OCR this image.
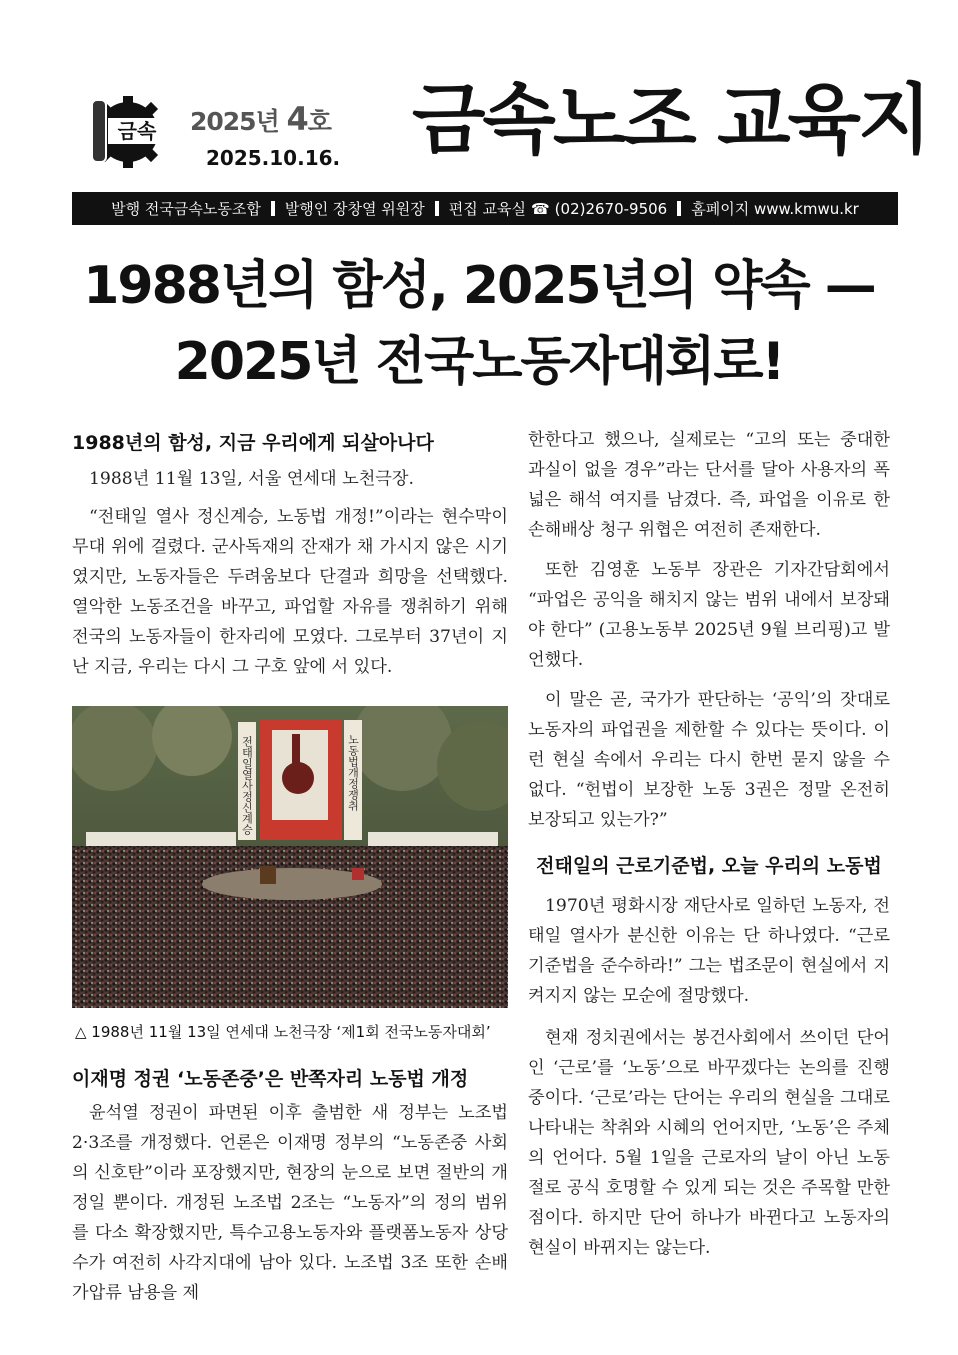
금속 2025년 4호
2025.10.16. 금속노조 교육지
발행 전국금속노동조합 발행인 장창열 위원장 편집 교육실 ☎ (02)2670-9506 홈페이지 www.kmwu.kr
1988년의 함성, 2025년의 약속 —
2025년 전국노동자대회로!
1988년의 함성, 지금 우리에게 되살아나다

1988년 11월 13일, 서울 연세대 노천극장.

“전태일 열사 정신계승, 노동법 개정!”이라는 현수막이 무대 위에 걸렸다. 군사독재의 잔재가 채 가시지 않은 시기였지만, 노동자들은 두려움보다 단결과 희망을 선택했다. 열악한 노동조건을 바꾸고, 파업할 자유를 쟁취하기 위해 전국의 노동자들이 한자리에 모였다. 그로부터 37년이 지난 지금, 우리는 다시 그 구호 앞에 서 있다.

전태일열사정신계승	노동법개정쟁취
△ 1988년 11월 13일 연세대 노천극장 ‘제1회 전국노동자대회’
이재명 정권 ‘노동존중’은 반쪽자리 노동법 개정

윤석열 정권이 파면된 이후 출범한 새 정부는 노조법 2·3조를 개정했다. 언론은 이재명 정부의 “노동존중 사회의 신호탄”이라 포장했지만, 현장의 눈으로 보면 절반의 개정일 뿐이다. 개정된 노조법 2조는 “노동자”의 정의 범위를 다소 확장했지만, 특수고용노동자와 플랫폼노동자 상당수가 여전히 사각지대에 남아 있다. 노조법 3조 또한 손배가압류 남용을 제

한한다고 했으나, 실제로는 “고의 또는 중대한 과실이 없을 경우”라는 단서를 달아 사용자의 폭넓은 해석 여지를 남겼다. 즉, 파업을 이유로 한 손해배상 청구 위협은 여전히 존재한다.

또한 김영훈 노동부 장관은 기자간담회에서 “파업은 공익을 해치지 않는 범위 내에서 보장돼야 한다” (고용노동부 2025년 9월 브리핑)고 발언했다.

이 말은 곧, 국가가 판단하는 ‘공익’의 잣대로 노동자의 파업권을 제한할 수 있다는 뜻이다. 이런 현실 속에서 우리는 다시 한번 묻지 않을 수 없다. “헌법이 보장한 노동 3권은 정말 온전히 보장되고 있는가?”

전태일의 근로기준법, 오늘 우리의 노동법

1970년 평화시장 재단사로 일하던 노동자, 전태일 열사가 분신한 이유는 단 하나였다. “근로기준법을 준수하라!” 그는 법조문이 현실에서 지켜지지 않는 모순에 절망했다.

현재 정치권에서는 봉건사회에서 쓰이던 단어인 ‘근로’를 ‘노동’으로 바꾸겠다는 논의를 진행 중이다. ‘근로’라는 단어는 우리의 현실을 그대로 나타내는 착취와 시혜의 언어지만, ‘노동’은 주체의 언어다. 5월 1일을 근로자의 날이 아닌 노동절로 공식 호명할 수 있게 되는 것은 주목할 만한 점이다. 하지만 단어 하나가 바뀐다고 노동자의 현실이 바뀌지는 않는다.
